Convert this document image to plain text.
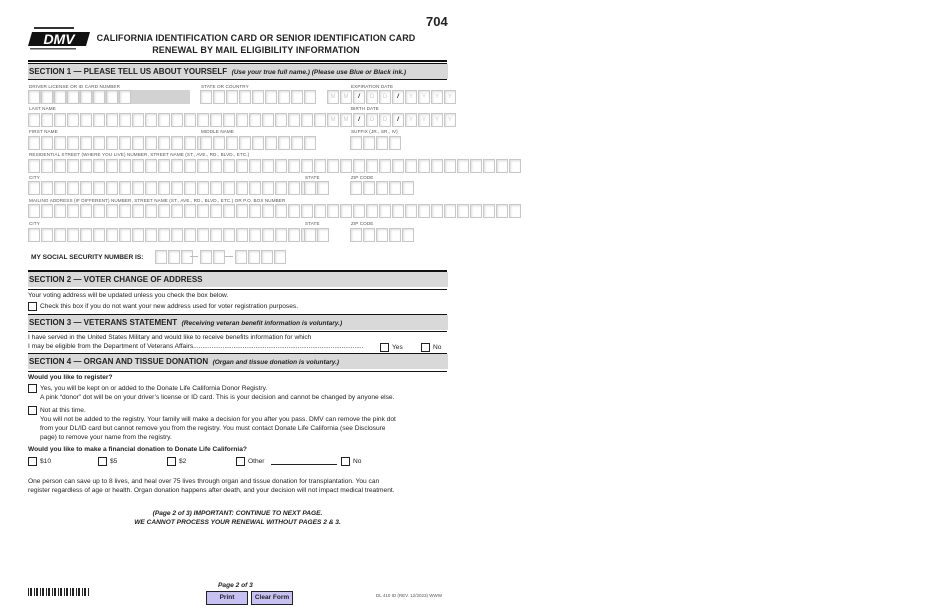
704
DMV CALIFORNIA IDENTIFICATION CARD OR SENIOR IDENTIFICATION CARD
RENEWAL BY MAIL ELIGIBILITY INFORMATION
SECTION 1 — PLEASE TELL US ABOUT YOURSELF (Use your true full name.) (Please use Blue or Black ink.)
DRIVER LICENSE OR ID CARD NUMBER	STATE OR COUNTRY	EXPIRATION DATE
M	M	/	D	D	/	Y	Y	Y	Y
LAST NAME	BIRTH DATE
M	M	/	D	D	/	Y	Y	Y	Y
FIRST NAME	MIDDLE NAME	SUFFIX (JR., SR., IV)
RESIDENTIAL STREET (WHERE YOU LIVE) NUMBER, STREET NAME (ST., AVE., RD., BLVD., ETC.)
CITY	STATE	ZIP CODE
MAILING ADDRESS (IF DIFFERENT) NUMBER, STREET NAME (ST., AVE., RD., BLVD., ETC.) OR P.O. BOX NUMBER
CITY	STATE	ZIP CODE
MY SOCIAL SECURITY NUMBER IS:
SECTION 2 — VOTER CHANGE OF ADDRESS
Your voting address will be updated unless you check the box below.
Check this box if you do not want your new address used for voter registration purposes.
SECTION 3 — VETERANS STATEMENT (Receiving veteran benefit information is voluntary.)
I have served in the United States Military and would like to receive benefits information for which
I may be eligible from the Department of Veterans Affairs.............................................................................................	Yes	No
SECTION 4 — ORGAN AND TISSUE DONATION (Organ and tissue donation is voluntary.)
Would you like to register?
Yes, you will be kept on or added to the Donate Life California Donor Registry.
A pink “donor” dot will be on your driver’s license or ID card. This is your decision and cannot be changed by anyone else.
Not at this time.
You will not be added to the registry. Your family will make a decision for you after you pass. DMV can remove the pink dot
from your DL/ID card but cannot remove you from the registry. You must contact Donate Life California (see Disclosure
page) to remove your name from the registry.
Would you like to make a financial donation to Donate Life California?
$10	$5	$2	Other	No
One person can save up to 8 lives, and heal over 75 lives through organ and tissue donation for transplantation. You can
register regardless of age or health. Organ donation happens after death, and your decision will not impact medical treatment.
(Page 2 of 3) IMPORTANT: CONTINUE TO NEXT PAGE.
WE CANNOT PROCESS YOUR RENEWAL WITHOUT PAGES 2 & 3.
Page 2 of 3
Print	Clear Form	DL 410 ID (REV. 12/2023) WWW
